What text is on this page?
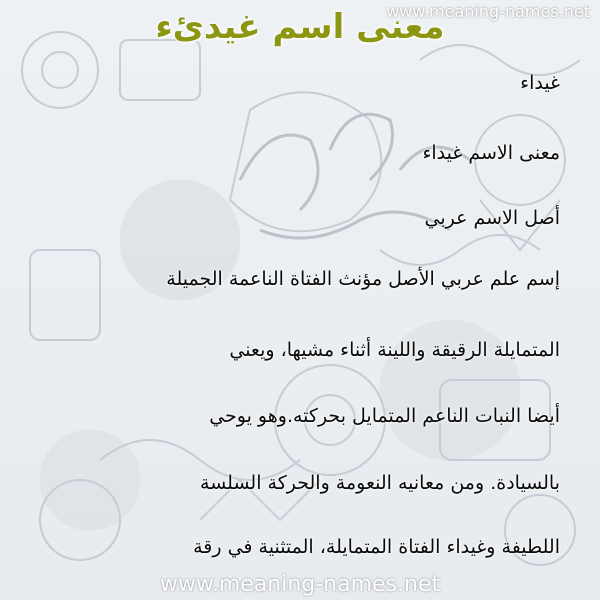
www.meaning-names.net
معنى اسم غيدئء

غيداء

معنى الاسم غيداء

أصل الاسم عربي

إسم علم عربي الأصل مؤنث الفتاة الناعمة الجميلة

المتمايلة الرقيقة واللينة أثناء مشيها، ويعني

أيضا النبات الناعم المتمايل بحركته.وهو يوحي

بالسيادة. ومن معانيه النعومة والحركة السلسة

اللطيفة وغيداء الفتاة المتمايلة، المتثنية في رقة

www.meaning-names.net
